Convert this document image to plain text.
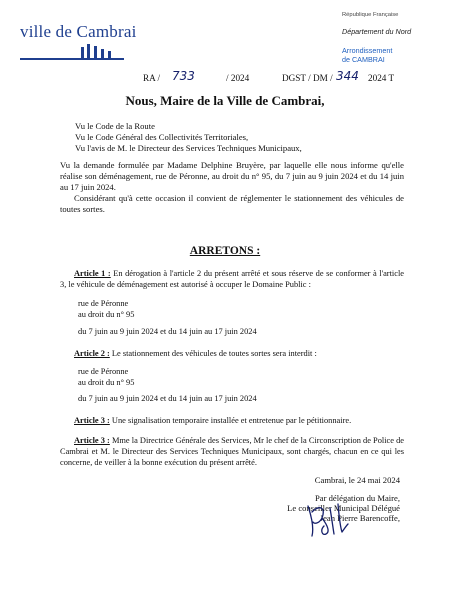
ville de Cambrai
République Française
Département du Nord
Arrondissement
de CAMBRAI
RA / 733	/ 2024	DGST / DM / 344 2024 T
Nous, Maire de la Ville de Cambrai,
Vu le Code de la Route
Vu le Code Général des Collectivités Territoriales,
Vu l'avis de M. le Directeur des Services Techniques Municipaux,
Vu la demande formulée par Madame Delphine Bruyère, par laquelle elle nous informe qu'elle réalise son déménagement, rue de Péronne, au droit du n° 95, du 7 juin au 9 juin 2024 et du 14 juin au 17 juin 2024.
Considérant qu'à cette occasion il convient de réglementer le stationnement des véhicules de toutes sortes.
ARRETONS :
Article 1 : En dérogation à l'article 2 du présent arrêté et sous réserve de se conformer à l'article 3, le véhicule de déménagement est autorisé à occuper le Domaine Public :
rue de Péronne
au droit du n° 95
du 7 juin au 9 juin 2024 et du 14 juin au 17 juin 2024
Article 2 : Le stationnement des véhicules de toutes sortes sera interdit :
rue de Péronne
au droit du n° 95
du 7 juin au 9 juin 2024 et du 14 juin au 17 juin 2024
Article 3 : Une signalisation temporaire installée et entretenue par le pétitionnaire.
Article 3 : Mme la Directrice Générale des Services, Mr le chef de la Circonscription de Police de Cambrai et M. le Directeur des Services Techniques Municipaux, sont chargés, chacun en ce qui les concerne, de veiller à la bonne exécution du présent arrêté.
Cambrai, le 24 mai 2024
Par délégation du Maire,
Le conseiller Municipal Délégué
Jean Pierre Barencoffe,
